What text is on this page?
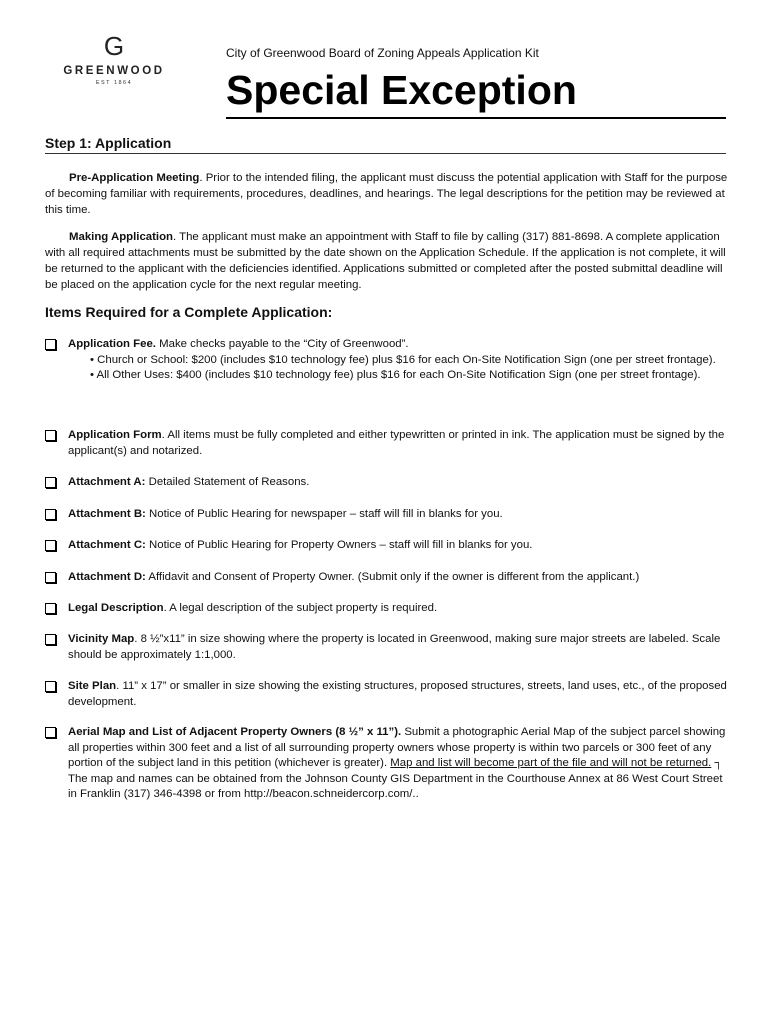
G
GREENWOOD
EST 1864
City of Greenwood Board of Zoning Appeals Application Kit
Special Exception
Step 1: Application
Pre-Application Meeting. Prior to the intended filing, the applicant must discuss the potential application with Staff for the purpose of becoming familiar with requirements, procedures, deadlines, and hearings. The legal descriptions for the petition may be reviewed at this time.
Making Application. The applicant must make an appointment with Staff to file by calling (317) 881-8698. A complete application with all required attachments must be submitted by the date shown on the Application Schedule. If the application is not complete, it will be returned to the applicant with the deficiencies identified. Applications submitted or completed after the posted submittal deadline will be placed on the application cycle for the next regular meeting.
Items Required for a Complete Application:
Application Fee. Make checks payable to the “City of Greenwood”.
• Church or School: $200 (includes $10 technology fee) plus $16 for each On-Site Notification Sign (one per street frontage).
• All Other Uses: $400 (includes $10 technology fee) plus $16 for each On-Site Notification Sign (one per street frontage).
Application Form. All items must be fully completed and either typewritten or printed in ink. The application must be signed by the applicant(s) and notarized.
Attachment A: Detailed Statement of Reasons.
Attachment B: Notice of Public Hearing for newspaper – staff will fill in blanks for you.
Attachment C: Notice of Public Hearing for Property Owners – staff will fill in blanks for you.
Attachment D: Affidavit and Consent of Property Owner. (Submit only if the owner is different from the applicant.)
Legal Description. A legal description of the subject property is required.
Vicinity Map. 8 ½”x11” in size showing where the property is located in Greenwood, making sure major streets are labeled. Scale should be approximately 1:1,000.
Site Plan. 11” x 17” or smaller in size showing the existing structures, proposed structures, streets, land uses, etc., of the proposed development.
Aerial Map and List of Adjacent Property Owners (8 ½” x 11”). Submit a photographic Aerial Map of the subject parcel showing all properties within 300 feet and a list of all surrounding property owners whose property is within two parcels or 300 feet of any portion of the subject land in this petition (whichever is greater). Map and list will become part of the file and will not be returned. ┐ The map and names can be obtained from the Johnson County GIS Department in the Courthouse Annex at 86 West Court Street in Franklin (317) 346-4398 or from http://beacon.schneidercorp.com/..
